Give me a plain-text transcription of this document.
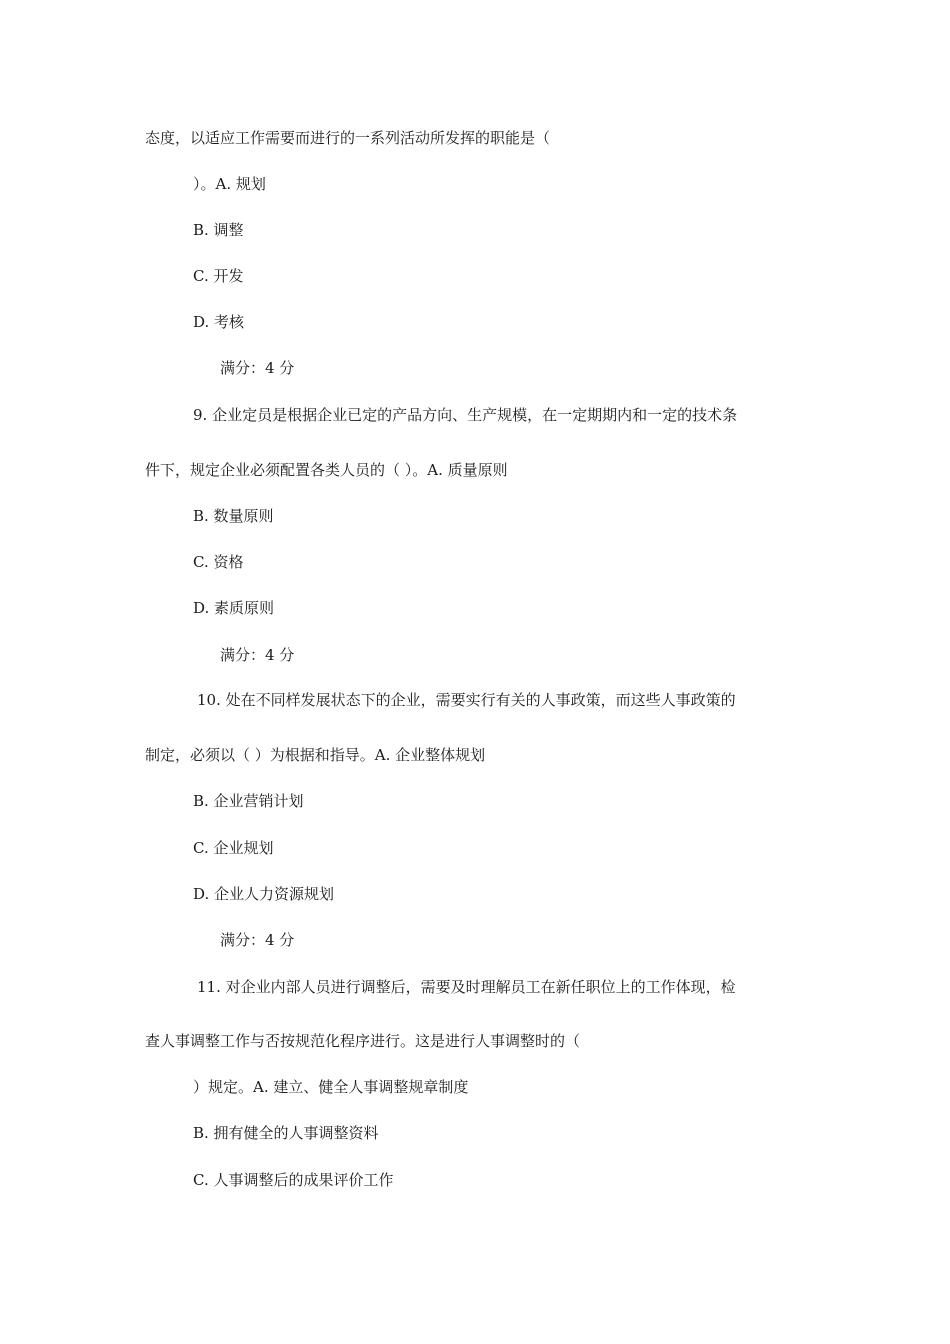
态度，以适应工作需要而进行的一系列活动所发挥的职能是（
）。A. 规划
B. 调整
C. 开发
D. 考核
满分：4 分
9. 企业定员是根据企业已定的产品方向、生产规模，在一定期期内和一定的技术条
件下，规定企业必须配置各类人员的（ ）。A. 质量原则
B. 数量原则
C. 资格
D. 素质原则
满分：4 分
10. 处在不同样发展状态下的企业，需要实行有关的人事政策，而这些人事政策的
制定，必须以（ ）为根据和指导。A. 企业整体规划
B. 企业营销计划
C. 企业规划
D. 企业人力资源规划
满分：4 分
11. 对企业内部人员进行调整后，需要及时理解员工在新任职位上的工作体现，检
查人事调整工作与否按规范化程序进行。这是进行人事调整时的（
）规定。A. 建立、健全人事调整规章制度
B. 拥有健全的人事调整资料
C. 人事调整后的成果评价工作
